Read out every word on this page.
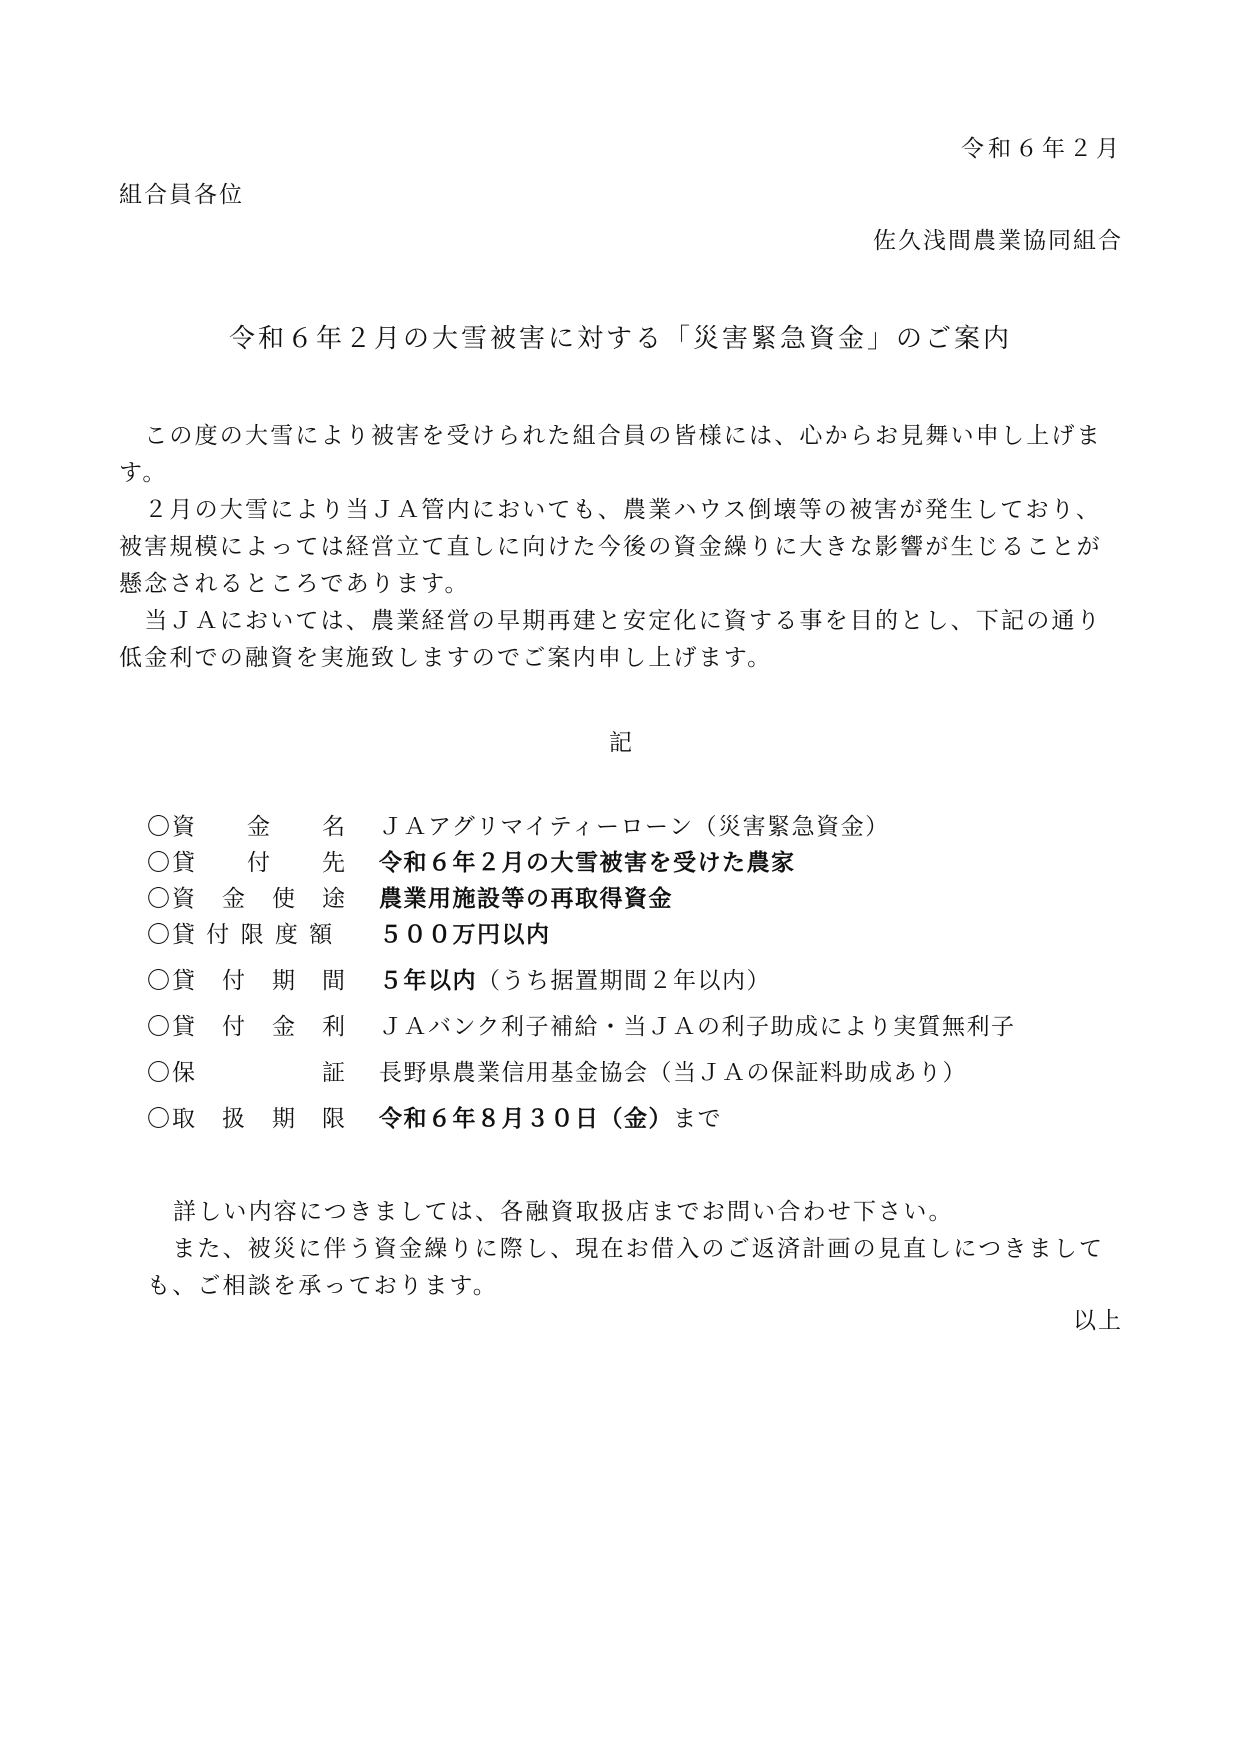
令和６年２月
組合員各位
佐久浅間農業協同組合
令和６年２月の大雪被害に対する「災害緊急資金」のご案内
　この度の大雪により被害を受けられた組合員の皆様には、心からお見舞い申し上げます。
　２月の大雪により当ＪＡ管内においても、農業ハウス倒壊等の被害が発生しており、被害規模によっては経営立て直しに向けた今後の資金繰りに大きな影響が生じることが懸念されるところであります。
　当ＪＡにおいては、農業経営の早期再建と安定化に資する事を目的とし、下記の通り低金利での融資を実施致しますのでご案内申し上げます。
記
〇資　　金　　名 ＪＡアグリマイティーローン（災害緊急資金）
〇貸　　付　　先 令和６年２月の大雪被害を受けた農家
〇資　金　使　途 農業用施設等の再取得資金
〇貸 付 限 度 額 ５００万円以内
〇貸　付　期　間 ５年以内（うち据置期間２年以内）
〇貸　付　金　利 ＪＡバンク利子補給・当ＪＡの利子助成により実質無利子
〇保　　　　　証 長野県農業信用基金協会（当ＪＡの保証料助成あり）
〇取　扱　期　限 令和６年８月３０日（金）まで
詳しい内容につきましては、各融資取扱店までお問い合わせ下さい。
　また、被災に伴う資金繰りに際し、現在お借入のご返済計画の見直しにつきましても、ご相談を承っております。
以上
